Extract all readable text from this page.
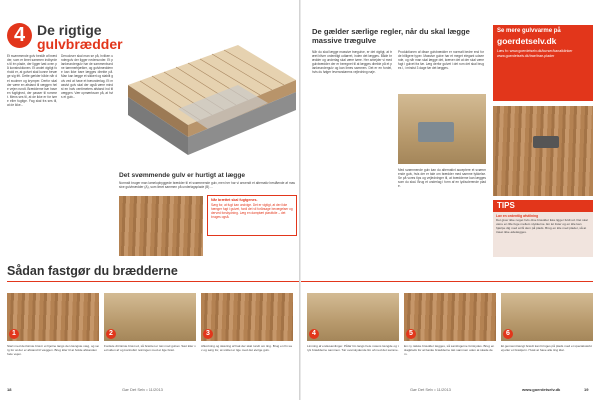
4 De rigtige
gulvbrædder
Et svømmende gulv består af brædder, som er limet sammen indbyrdes til én plade, der ligger løst oven på konstruktionen. Et andet vigtigt forhold er, at gulvet skal kunne bevæge sig frit. Dette gælder både når det svulmer og krymper. Derfor skal der være en afstand til væggen hele vejen rundt. Brædderne bør have en fugtighed, der passer til rummet. Mens ses til, at de ikke er for tørre eller fugtige. Fag skal fra ses til, at de ikke...
Derudover skal man se på, hvilken undergulv der ligger nedenunder. Et plankeundergulv har de sammenbundne tømmerbjælker, og gulvbrædderne kan ikke bare lægges direkte på. Man kan lægge et sikkert og stabilt gulv ved at have et træunderlag. Et massivt gulv skal der også være mindst en halv centimeters afstand ind til væggen. Vær opmærksom på, at hvis et gulv...
Det svømmende gulv er hurtigt at lægge
Normalt bruger man lamelopbyggede brædder til et svømmende gulv, men her har vi anvendt et alternativ bestående af massive gulvbrædder (A), som limet sammen på underlagsplade (B) ...
Når brættet skal fugtgenes.
Sørg for, at fugt kan undvige. Det er vigtigt, at der ikke hænger fugt i gulvet, fordi det vil forårsage bevægelser og derved forskydning. Læg en damptæt plastfolie – det bruges også.
Sådan fastgør du brædderne
De gælder særlige regler, når du skal lægge massive træguIve
Når du skal lægge massive træguIve, er det vigtigt, at træet bliver ordentligt udtørret, inden det lægges. Både brædder og underlag skal være tørre. Her arbejder vi med gulvbrædder der er beregnet til at lægges direkte på et plankeundergulv og kan limes sammen. Det er en fordel, hvis du følger leverandørens vejledning nøje.
Produktionen af disse gulvbrædder er normalt bedre end for de billigere typer. Massive gulve har et meget elegant udseende, og når man skal lægge det, kræver det at der skal være fugt i gulvet fra før. Læg derfor gulvet i det rum det skal bruges i, i mindst 3 dage før det lægges.
Med svømmende gulv kan du alternativt acceptere et svømmende gulv, hvis der er tale om brædder med samme tykkelse. Se på vores tips og vejledninger til, at brædderne kan lægges som du skal. Brug et underlag i form af en lydisolerende plade.
Se mere gulvvarme på
goerdetselv.dk
Læs fx: www.goerdetselv.dk/kurser/kanalklinker www.goerdetselv.dk/trae/trae-plader
TIPS
Lav en ordentlig afstilning
Det giver ikke noget hvis dine brædder ikke ligger fuldt ud. Det skal være en lille fuge mellem stykkerne. En let lister og en kile kan hjælpe dig med at få dem på plads. Brug en kile med plader, så at træet ikke ødelægges.
1	2	3	4	5	6
Start med det første bræt i et hjørne langs den længste væg, og sørg for at der er afstand til væggen. Brug kiler til at holde afstanden hele vejen.
Fordele dit første bræt ud, så brættet er tæt mod gulvet. Sæt kiler ved siden af og kontrollér retningen med et lige bræt.
Afkortning og skæring af hak der skal rundt om ting. Brug en fin sav og sørg for, at snittet er lige med det øvrige gulv.
Limning af endesamlinger. Påfør lim langs hele notens længde og tryk brædderne sammen. Tør overskydende lim af med det samme.
En ny række brædder lægges, så samlingerne forskydes. Brug en slagklods for at banke brædderne tæt sammen uden at skade dem.
Et gennemtrængt brædt kan bringes på plads med et specialværktøj eller et brækjern. Husk at have alle ting klar.
18	Gør Det Selv • 11/2013	Gør Det Selv • 11/2013	www.goerdetselv.dk	19
